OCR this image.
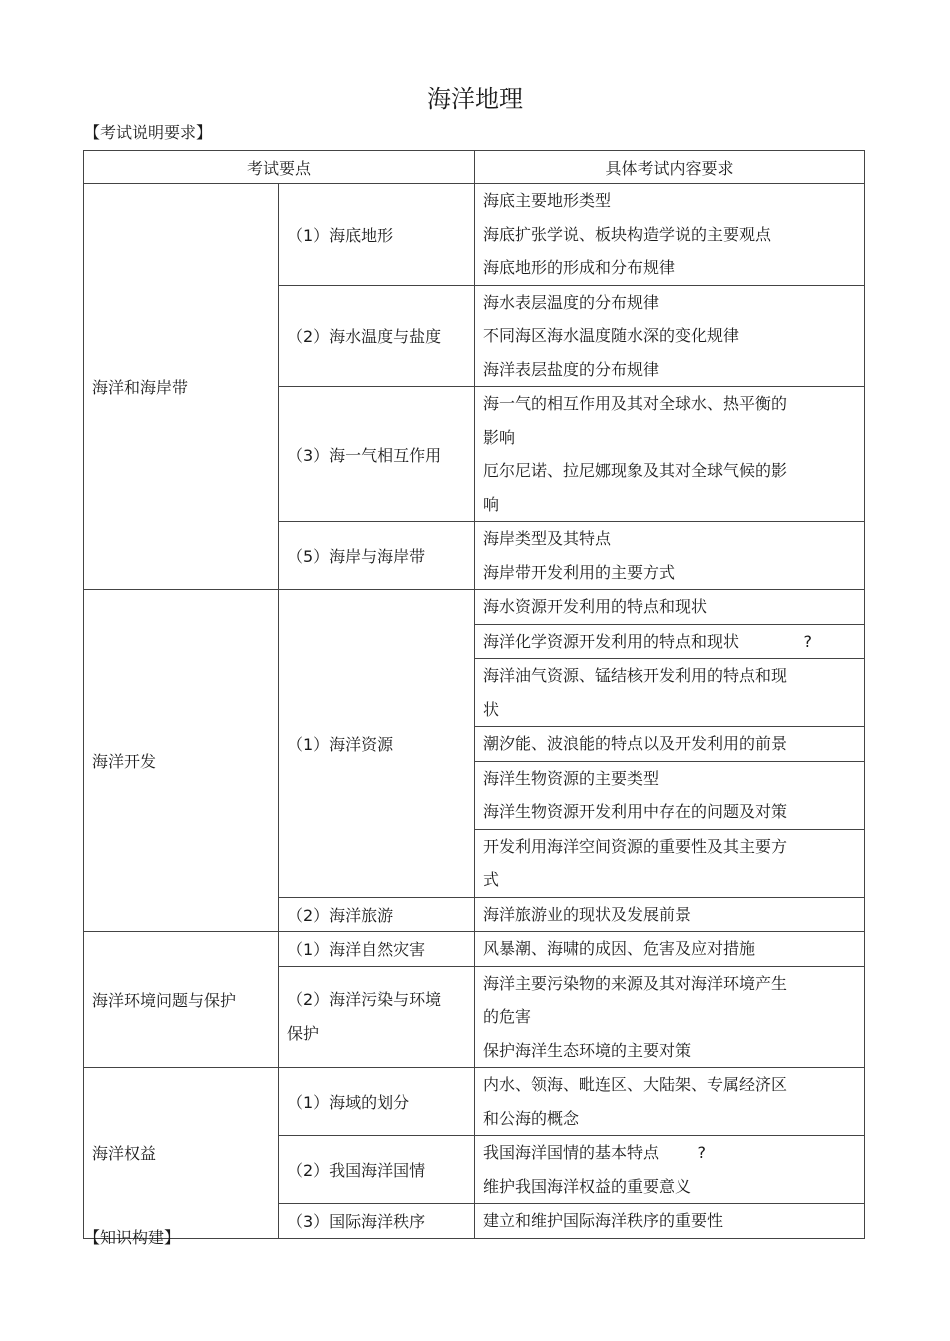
海洋地理
【考试说明要求】
考试要点		具体考试内容要求
海洋和海岸带	（1）海底地形	海底主要地形类型
海底扩张学说、板块构造学说的主要观点
海底地形的形成和分布规律

	（2）海水温度与盐度	海水表层温度的分布规律
不同海区海水温度随水深的变化规律
海洋表层盐度的分布规律

	（3）海一气相互作用	海一气的相互作用及其对全球水、热平衡的
影响
厄尔尼诺、拉尼娜现象及其对全球气候的影
响

	（5）海岸与海岸带	海岸类型及其特点
海岸带开发利用的主要方式

海洋开发	（1）海洋资源	海水资源开发利用的特点和现状

		海洋化学资源开发利用的特点和现状 ?

		海洋油气资源、锰结核开发利用的特点和现
状

		潮汐能、波浪能的特点以及开发利用的前景

		海洋生物资源的主要类型
海洋生物资源开发利用中存在的问题及对策

		开发利用海洋空间资源的重要性及其主要方
式

	（2）海洋旅游	海洋旅游业的现状及发展前景

海洋环境问题与保护	（1）海洋自然灾害	风暴潮、海啸的成因、危害及应对措施

	（2）海洋污染与环境
保护	海洋主要污染物的来源及其对海洋环境产生
的危害
保护海洋生态环境的主要对策

海洋权益	（1）海域的划分	内水、领海、毗连区、大陆架、专属经济区
和公海的概念

	（2）我国海洋国情	我国海洋国情的基本特点
维护我国海洋权益的重要意义
?

	（3）国际海洋秩序	建立和维护国际海洋秩序的重要性
【知识构建】
